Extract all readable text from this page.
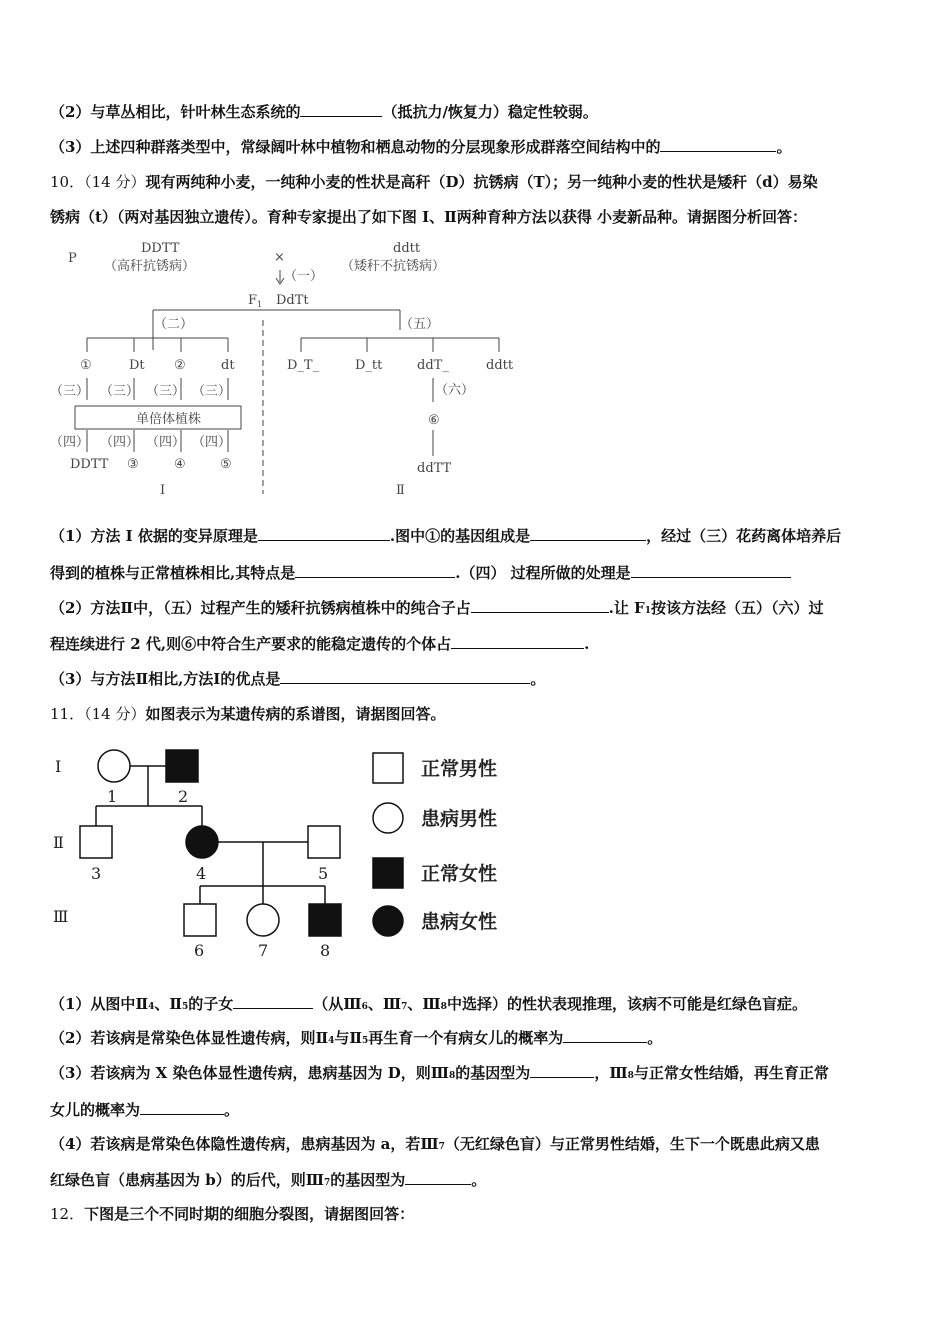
（2）与草丛相比，针叶林生态系统的	（抵抗力/恢复力）稳定性较弱。
（3）上述四种群落类型中，常绿阔叶林中植物和栖息动物的分层现象形成群落空间结构中的	。
10．（14 分）现有两纯种小麦，一纯种小麦的性状是高秆（D）抗锈病（T）；另一纯种小麦的性状是矮秆（d）易染
锈病（t）（两对基因独立遗传）。育种专家提出了如下图 I、Ⅱ两种育种方法以获得 小麦新品种。请据图分析回答：
P
DDTT
（高秆抗锈病）
×
ddtt
（矮秆不抗锈病）
（一）
$F_1$ DdTt
（二）	（五）
①	Dt ②	dt
（三） （三） （三） （三）
单倍体植株
（四） （四） （四） （四）
DDTT ③	④	⑤
D_T_	D_tt	ddT_	ddtt
（六）
⑥
ddTT
I	Ⅱ
（1）方法 I 依据的变异原理是	.图中①的基因组成是	，经过（三）花药离体培养后
得到的植株与正常植株相比,其特点是	.（四） 过程所做的处理是
（2）方法Ⅱ中，（五）过程产生的矮秆抗锈病植株中的纯合子占	.让 F1按该方法经（五）（六）过
程连续进行 2 代,则⑥中符合生产要求的能稳定遗传的个体占	.
（3）与方法Ⅱ相比,方法Ⅰ的优点是	。
11．（14 分）如图表示为某遗传病的系谱图，请据图回答。
I
Ⅱ
Ⅲ
1	2
3	4	5
6	7	8
正常男性
患病男性
正常女性
患病女性
（1）从图中Ⅱ4、Ⅱ5的子女	（从Ⅲ6、Ⅲ7、Ⅲ8中选择）的性状表现推理，该病不可能是红绿色盲症。
（2）若该病是常染色体显性遗传病，则Ⅱ4与Ⅱ5再生育一个有病女儿的概率为	。
（3）若该病为 X 染色体显性遗传病，患病基因为 D，则Ⅲ8的基因型为	，Ⅲ8与正常女性结婚，再生育正常
女儿的概率为	。
（4）若该病是常染色体隐性遗传病，患病基因为 a，若Ⅲ7（无红绿色盲）与正常男性结婚，生下一个既患此病又患
红绿色盲（患病基因为 b）的后代，则Ⅲ7的基因型为	。
12．下图是三个不同时期的细胞分裂图，请据图回答：
